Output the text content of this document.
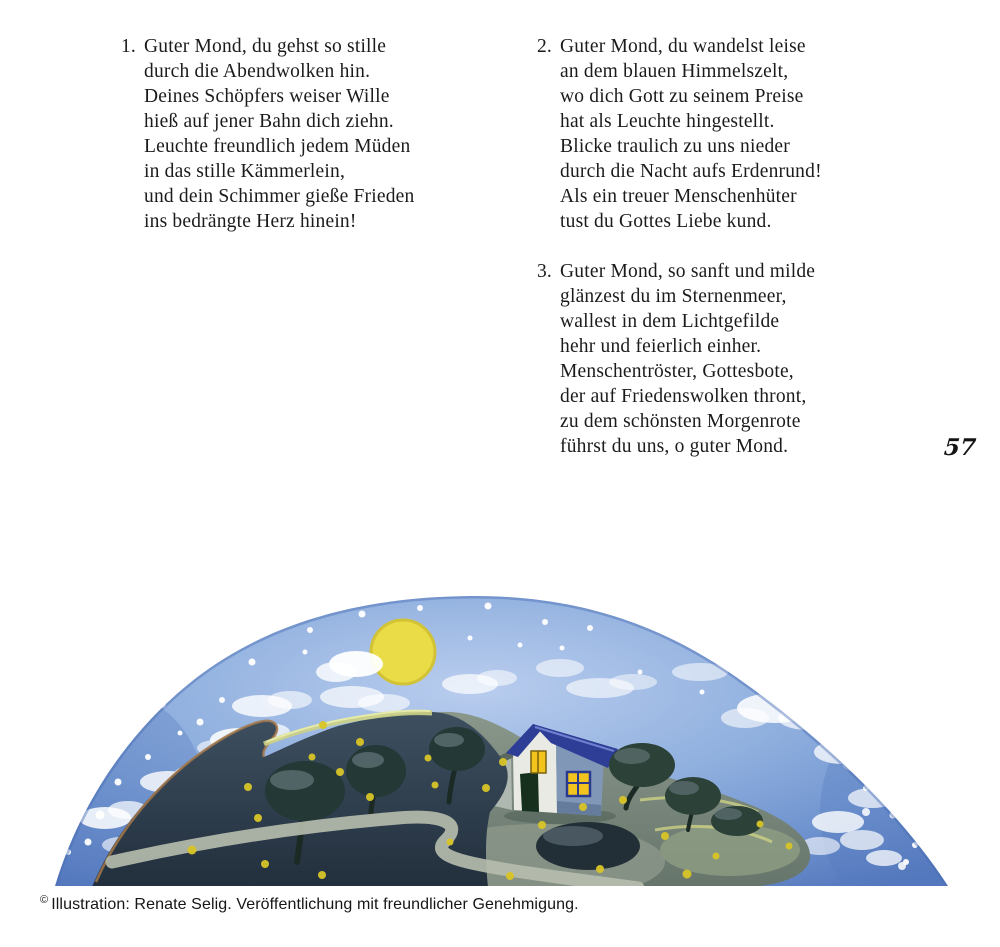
1. Guter Mond, du gehst so stille
durch die Abendwolken hin.
Deines Schöpfers weiser Wille
hieß auf jener Bahn dich ziehn.
Leuchte freundlich jedem Müden
in das stille Kämmerlein,
und dein Schimmer gieße Frieden
ins bedrängte Herz hinein!
2. Guter Mond, du wandelst leise
an dem blauen Himmelszelt,
wo dich Gott zu seinem Preise
hat als Leuchte hingestellt.
Blicke traulich zu uns nieder
durch die Nacht aufs Erdenrund!
Als ein treuer Menschenhüter
tust du Gottes Liebe kund.
3. Guter Mond, so sanft und milde
glänzest du im Sternenmeer,
wallest in dem Lichtgefilde
hehr und feierlich einher.
Menschentröster, Gottesbote,
der auf Friedenswolken thront,
zu dem schönsten Morgenrote
führst du uns, o guter Mond.	57
© Illustration: Renate Selig. Veröffentlichung mit freundlicher Genehmigung.
